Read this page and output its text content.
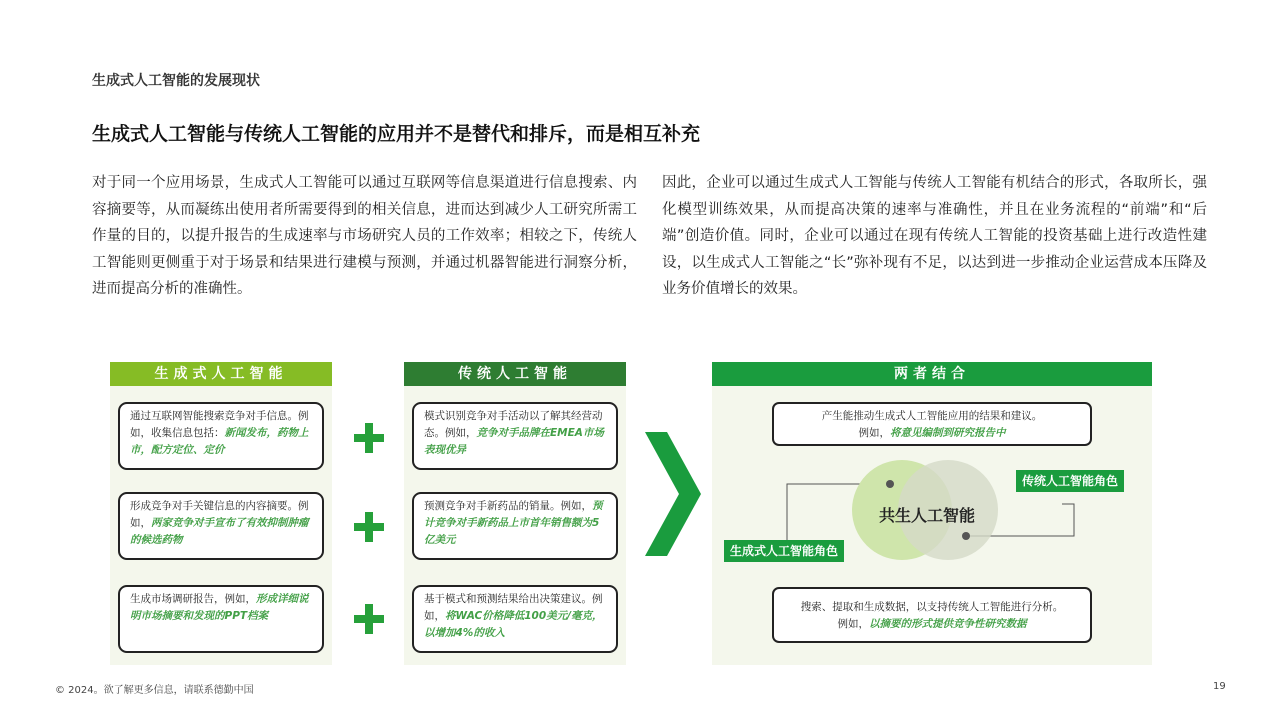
生成式人工智能的发展现状
生成式人工智能与传统人工智能的应用并不是替代和排斥，而是相互补充

对于同一个应用场景，生成式人工智能可以通过互联网等信息渠道进行信息搜索、内容摘要等，从而凝练出使用者所需要得到的相关信息，进而达到减少人工研究所需工作量的目的，以提升报告的生成速率与市场研究人员的工作效率；相较之下，传统人工智能则更侧重于对于场景和结果进行建模与预测，并通过机器智能进行洞察分析，进而提高分析的准确性。

因此，企业可以通过生成式人工智能与传统人工智能有机结合的形式，各取所长，强化模型训练效果，从而提高决策的速率与准确性，并且在业务流程的“前端”和“后端”创造价值。同时，企业可以通过在现有传统人工智能的投资基础上进行改造性建设，以生成式人工智能之“长”弥补现有不足，以达到进一步推动企业运营成本压降及业务价值增长的效果。

生成式人工智能
通过互联网智能搜索竞争对手信息。例如，收集信息包括：新闻发布，药物上市，配方定位、定价
形成竞争对手关键信息的内容摘要。例如，两家竞争对手宣布了有效抑制肿瘤的候选药物
生成市场调研报告，例如，形成详细说明市场摘要和发现的PPT档案
传统人工智能
模式识别竞争对手活动以了解其经营动态。例如，竞争对手品牌在EMEA市场表现优异
预测竞争对手新药品的销量。例如，预计竞争对手新药品上市首年销售额为5亿美元
基于模式和预测结果给出决策建议。例如，将WAC价格降低100美元/毫克，以增加4%的收入
两者结合
产生能推动生成式人工智能应用的结果和建议。
例如，将意见编制到研究报告中
共生人工智能
传统人工智能角色
生成式人工智能角色
搜索、提取和生成数据，以支持传统人工智能进行分析。
例如，以摘要的形式提供竞争性研究数据
© 2024。欲了解更多信息，请联系德勤中国	19
